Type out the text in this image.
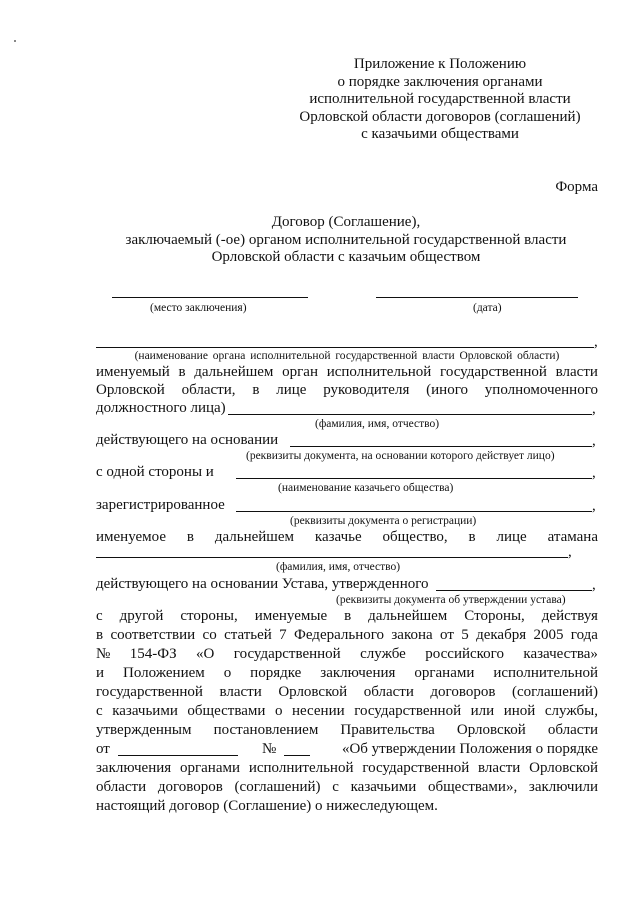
Приложение к Положению
о порядке заключения органами
исполнительной государственной власти
Орловской области договоров (соглашений)
с казачьими обществами
Форма
Договор (Соглашение),
заключаемый (-ое) органом исполнительной государственной власти
Орловской области с казачьим обществом
(место заключения)	(дата)
,
(наименование органа исполнительной государственной власти Орловской области)
именуемый в дальнейшем орган исполнительной государственной власти
Орловской области, в лице руководителя (иного уполномоченного
должностного лица)	,
(фамилия, имя, отчество)
действующего на основании	,
(реквизиты документа, на основании которого действует лицо)
с одной стороны и	,
(наименование казачьего общества)
зарегистрированное	,
(реквизиты документа о регистрации)
именуемое в дальнейшем казачье общество, в лице атамана
,
(фамилия, имя, отчество)
действующего на основании Устава, утвержденного	,
(реквизиты документа об утверждении устава)
с другой стороны, именуемые в дальнейшем Стороны, действуя
в соответствии со статьей 7 Федерального закона от 5 декабря 2005 года
№ 154-ФЗ «О государственной службе российского казачества»
и Положением о порядке заключения органами исполнительной
государственной власти Орловской области договоров (соглашений)
с казачьими обществами о несении государственной или иной службы,
утвержденным постановлением Правительства Орловской области
от	№	«Об утверждении Положения о порядке
заключения органами исполнительной государственной власти Орловской
области договоров (соглашений) с казачьими обществами», заключили
настоящий договор (Соглашение) о нижеследующем.
